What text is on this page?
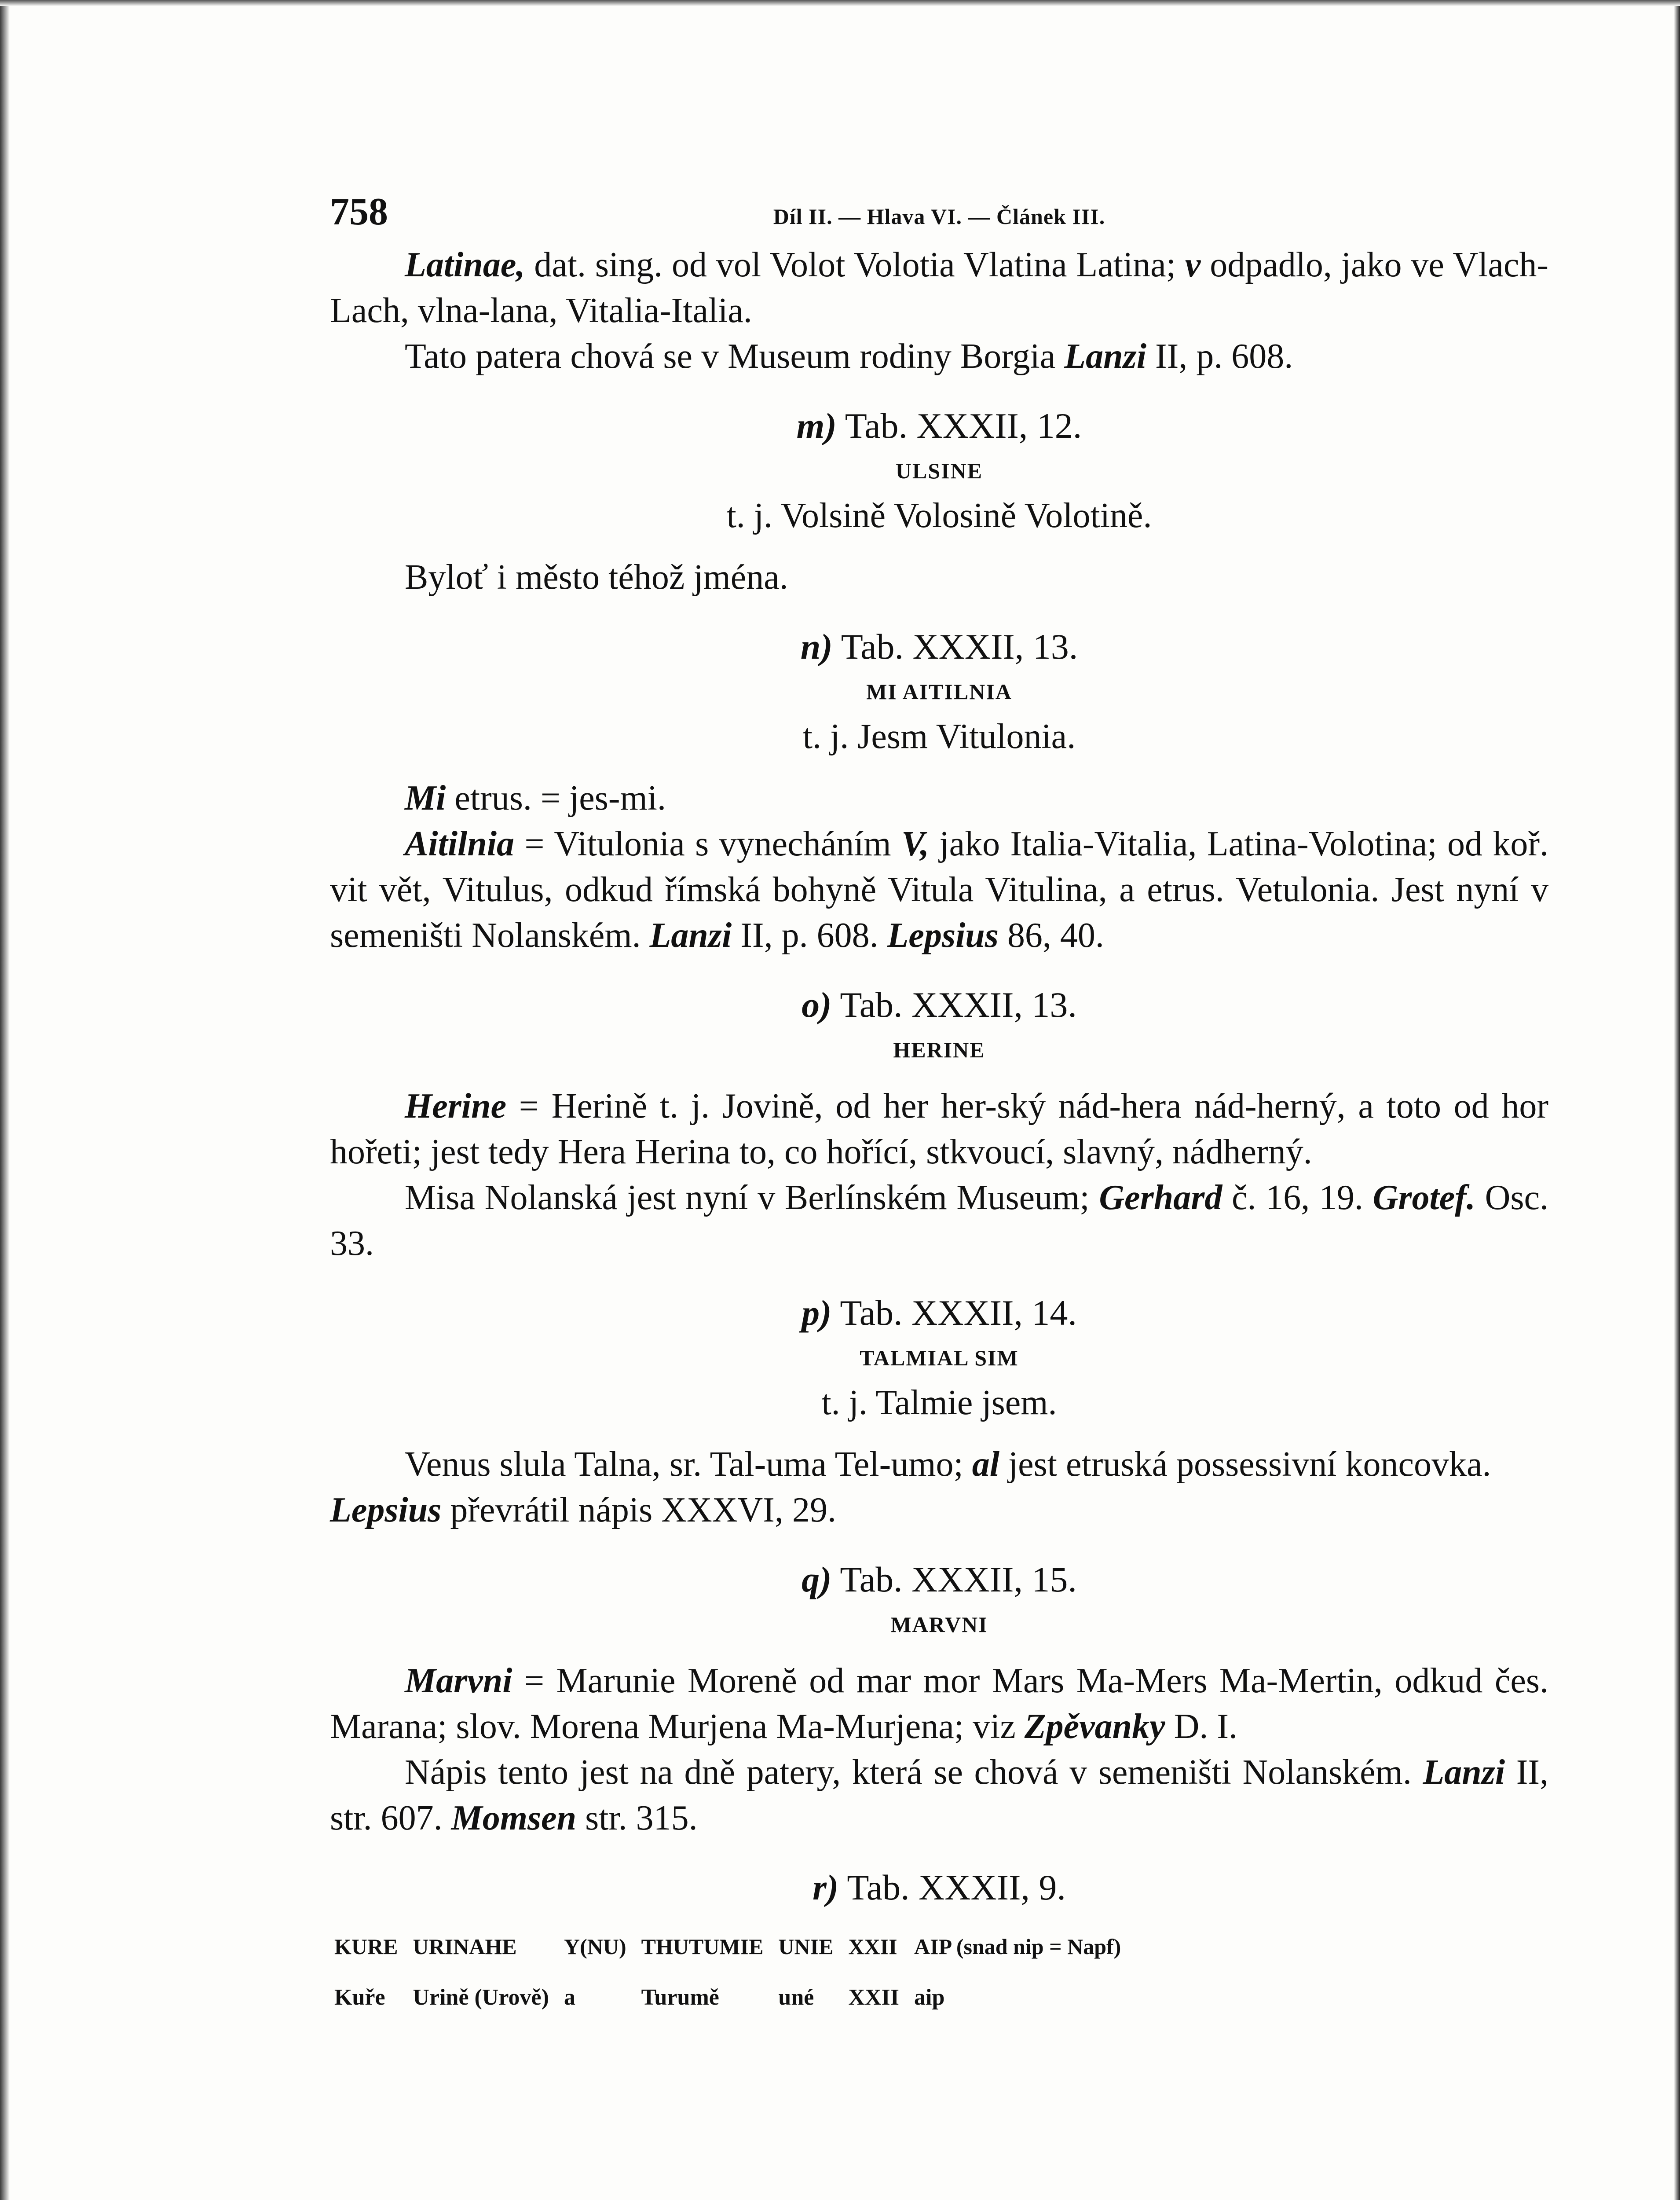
758	Díl II. — Hlava VI. — Článek III.

Latinae, dat. sing. od vol Volot Volotia Vlatina Latina; v odpadlo, jako ve Vlach-Lach, vlna-lana, Vitalia-Italia.

Tato patera chová se v Museum rodiny Borgia Lanzi II, p. 608.

m) Tab. XXXII, 12.

ULSINE

t. j. Volsině Volosině Volotině.

Byloť i město téhož jména.

n) Tab. XXXII, 13.

MI AITILNIA

t. j. Jesm Vitulonia.

Mi etrus. = jes-mi.

Aitilnia = Vitulonia s vynecháním V, jako Italia-Vitalia, Latina-Volotina; od koř. vit vět, Vitulus, odkud římská bohyně Vitula Vitulina, a etrus. Vetulonia. Jest nyní v semeništi Nolanském. Lanzi II, p. 608. Lepsius 86, 40.

o) Tab. XXXII, 13.

HERINE

Herine = Herině t. j. Jovině, od her her-ský nád-hera nád-herný, a toto od hor hořeti; jest tedy Hera Herina to, co hořící, stkvoucí, slavný, nádherný.

Misa Nolanská jest nyní v Berlínském Museum; Gerhard č. 16, 19. Grotef. Osc. 33.

p) Tab. XXXII, 14.

TALMIAL SIM

t. j. Talmie jsem.

Venus slula Talna, sr. Tal-uma Tel-umo; al jest etruská possessivní koncovka.

Lepsius převrátil nápis XXXVI, 29.

q) Tab. XXXII, 15.

MARVNI

Marvni = Marunie Morenĕ od mar mor Mars Ma-Mers Ma-Mertin, odkud čes. Marana; slov. Morena Murjena Ma-Murjena; viz Zpěvanky D. I.

Nápis tento jest na dně patery, která se chová v semeništi Nolanském. Lanzi II, str. 607. Momsen str. 315.

r) Tab. XXXII, 9.

KURE	URINAHE	Y(NU)	THUTUMIE	UNIE	XXII	AIP (snad nip = Napf)
Kuře	Urině (Urově)	a	Turumě	uné	XXII	aip
